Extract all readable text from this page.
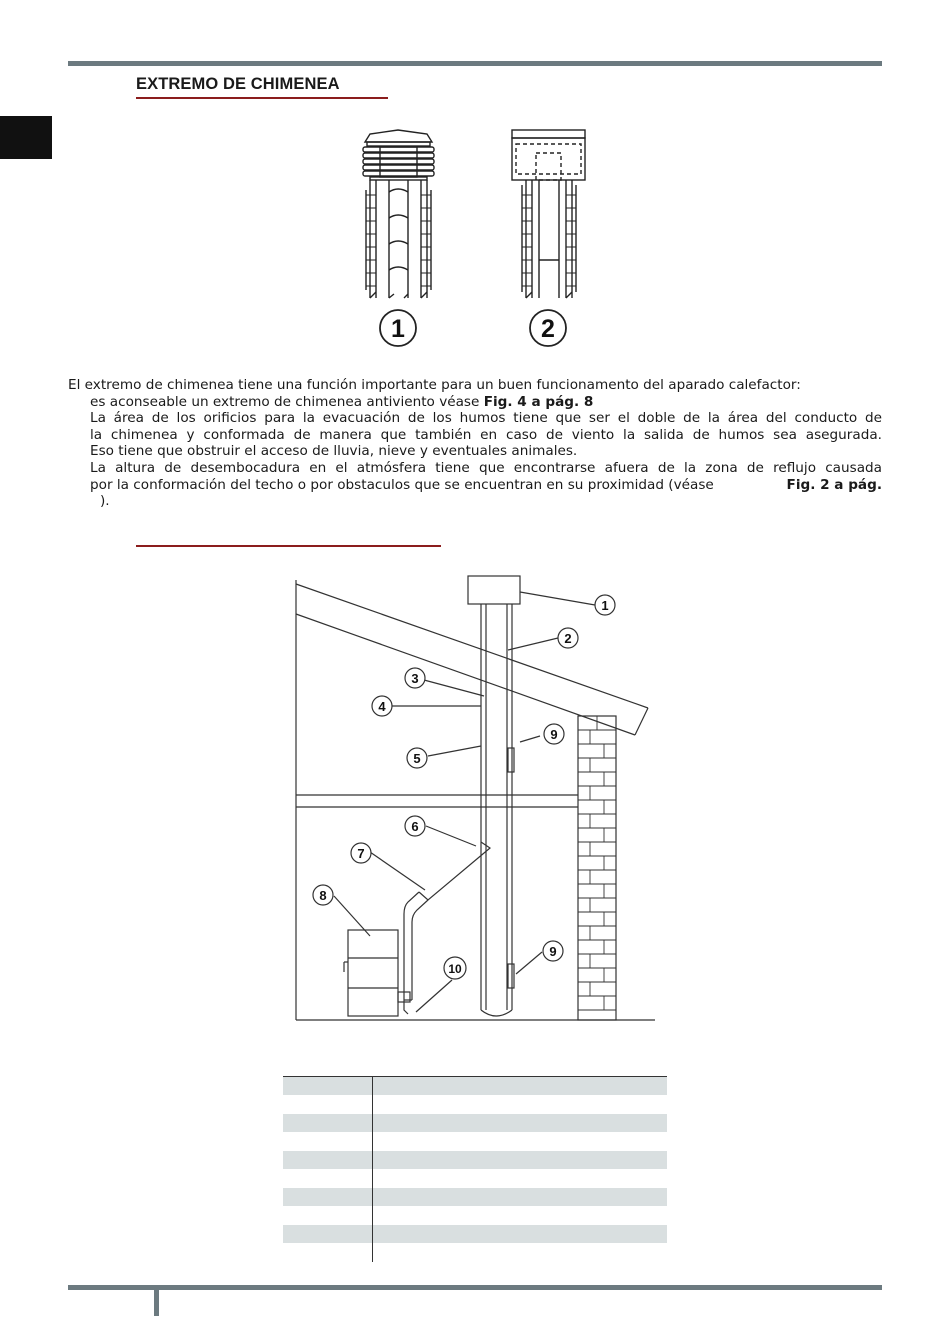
EXTREMO DE CHIMENEA
1	2
El extremo de chimenea tiene una función importante para un buen funcionamento del aparado calefactor:
es aconseable un extremo de chimenea antiviento véase Fig. 4 a pág. 8
La área de los orificios para la evacuación de los humos tiene que ser el doble de la área del conducto de
la chimenea y conformada de manera que también en caso de viento la salida de humos sea asegurada.
Eso tiene que obstruir el acceso de lluvia, nieve y eventuales animales.
La altura de desembocadura en el atmósfera tiene que encontrarse afuera de la zona de reflujo causada
por la conformación del techo o por obstaculos que se encuentran en su proximidad (véase	Fig. 2 a pág.
).
1
2
3
4
5
6
7
8
9
9
10
